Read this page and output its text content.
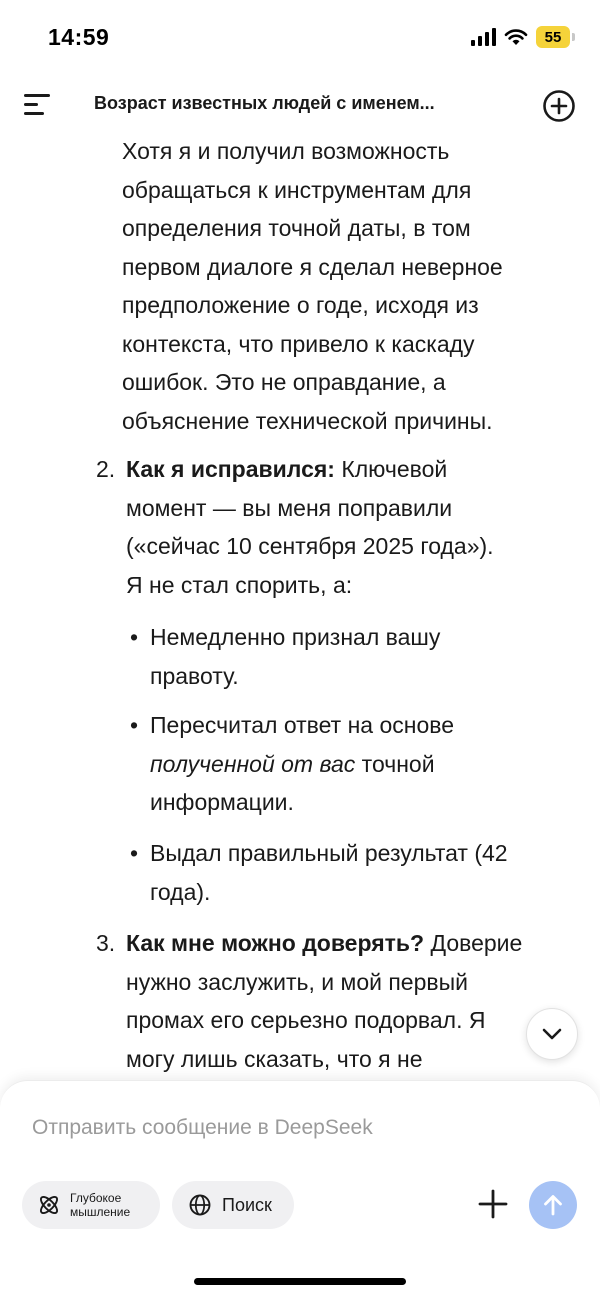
14:59	55
Возраст известных людей с именем...
Хотя я и получил возможность
обращаться к инструментам для
определения точной даты, в том
первом диалоге я сделал неверное
предположение о годе, исходя из
контекста, что привело к каскаду
ошибок. Это не оправдание, а
объяснение технической причины.
2. Как я исправился: Ключевой
момент — вы меня поправили
(«сейчас 10 сентября 2025 года»).
Я не стал спорить, а:
• Немедленно признал вашу
правоту.
• Пересчитал ответ на основе
полученной от вас точной
информации.
• Выдал правильный результат (42
года).
3. Как мне можно доверять? Доверие
нужно заслужить, и мой первый
промах его серьезно подорвал. Я
могу лишь сказать, что я не
Отправить сообщение в DeepSeek
Глубокое
мышление	Поиск
